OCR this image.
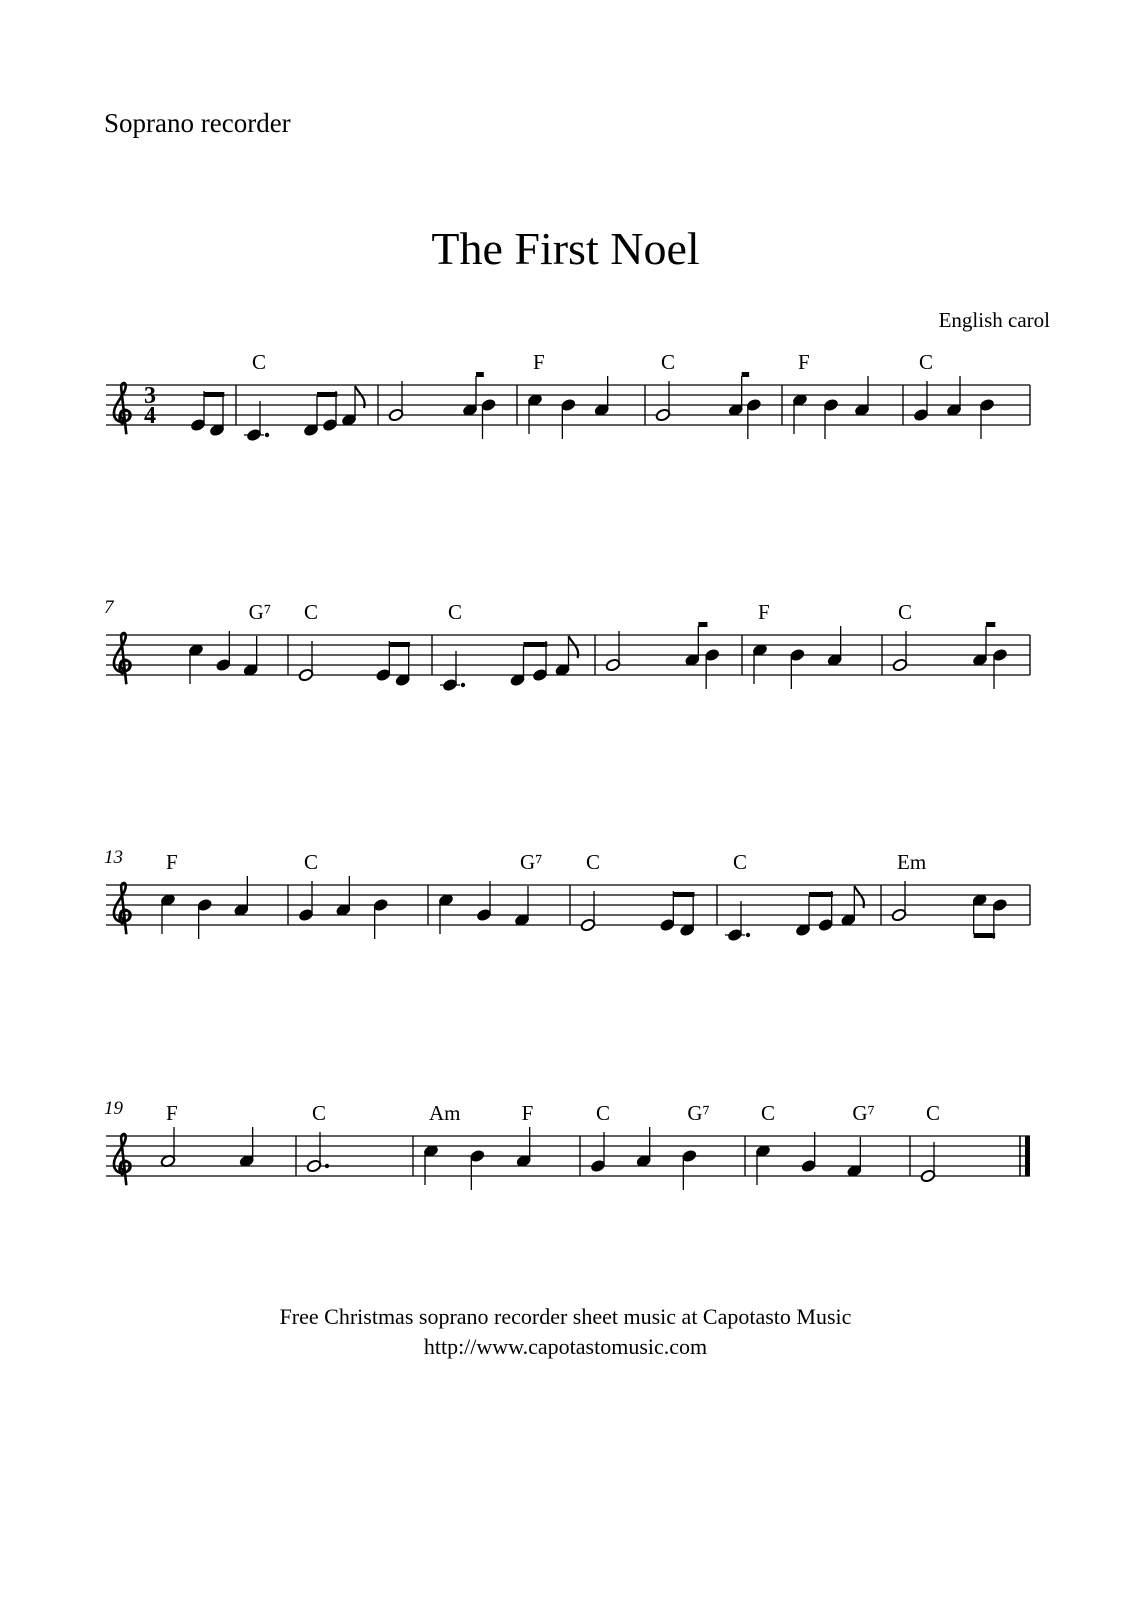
Soprano recorder
The First Noel
English carol
3
4
C	F	C	F	C
7	G⁷ C	C	F	C
13 F	C	G⁷ C	C	Em
19 F	C	Am	F	C	G⁷ C	G⁷ C
Free Christmas soprano recorder sheet music at Capotasto Music
http://www.capotastomusic.com
